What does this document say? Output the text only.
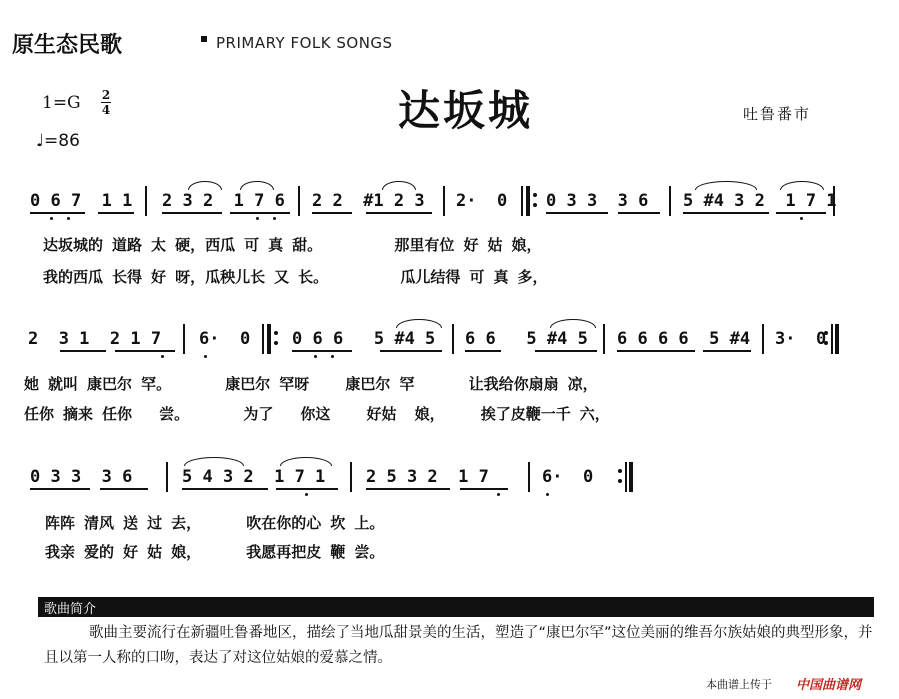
原生态民歌	PRIMARY FOLK SONGS
达坂城
1=G 2
4
♩=86
吐鲁番市
0 6 7  1 1 2 3 2  1 7 6 2 2  #1 2 3 2·  0 0 3 3  3 6 5 #4 3 2  1 7 1
达坂城的 道路 太 硬，西瓜 可 真 甜。        那里有位 好 姑 娘，
我的西瓜 长得 好 呀，瓜秧儿长 又 长。        瓜儿结得 可 真 多，
2  3 1  2 1 7 6·  0 0 6 6   5 #4 5 6 6   5 #4 5 6 6 6 6  5 #4 3·  0
她 就叫 康巴尔 罕。      康巴尔 罕呀    康巴尔 罕      让我给你扇扇 凉，
任你 摘来 任你   尝。      为了   你这    好姑  娘，    挨了皮鞭一千 六，
0 3 3  3 6	5 4 3 2  1 7 1 2 5 3 2  1 7	6·  0
阵阵 清风 送 过 去，     吹在你的心 坎 上。
我亲 爱的 好 姑 娘，     我愿再把皮 鞭 尝。
歌曲简介
歌曲主要流行在新疆吐鲁番地区，描绘了当地瓜甜景美的生活，塑造了“康巴尔罕”这位美丽的维吾尔族姑娘的典型形象，并且以第一人称的口吻，表达了对这位姑娘的爱慕之情。
本曲谱上传于 中国曲谱网
